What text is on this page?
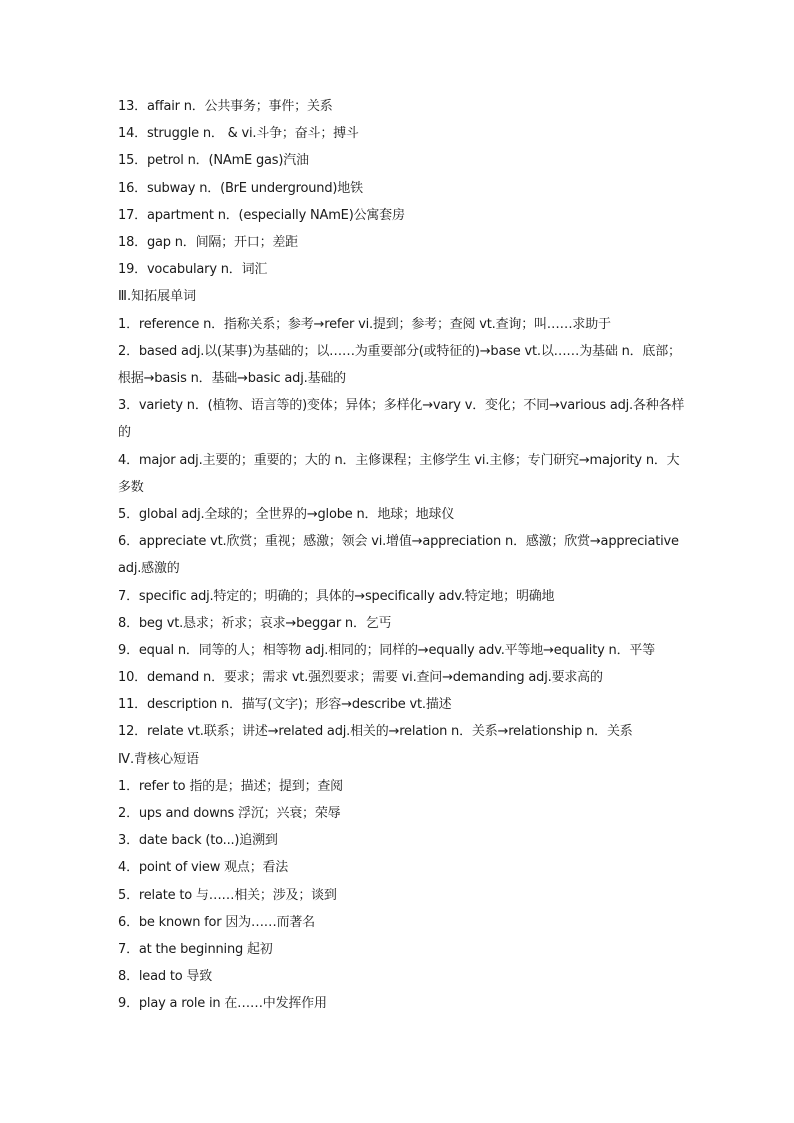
13．affair n．公共事务；事件；关系
14．struggle n． & vi.斗争；奋斗；搏斗
15．petrol n．(NAmE gas)汽油
16．subway n．(BrE underground)地铁
17．apartment n．(especially NAmE)公寓套房
18．gap n．间隔；开口；差距
19．vocabulary n．词汇
Ⅲ.知拓展单词
1．reference n．指称关系；参考→refer vi.提到；参考；查阅 vt.查询；叫……求助于
2．based adj.以(某事)为基础的；以……为重要部分(或特征的)→base vt.以……为基础 n．底部；根据→basis n．基础→basic adj.基础的
3．variety n．(植物、语言等的)变体；异体；多样化→vary v．变化；不同→various adj.各种各样的
4．major adj.主要的；重要的；大的 n．主修课程；主修学生 vi.主修；专门研究→majority n．大多数
5．global adj.全球的；全世界的→globe n．地球；地球仪
6．appreciate vt.欣赏；重视；感激；领会 vi.增值→appreciation n．感激；欣赏→appreciative adj.感激的
7．specific adj.特定的；明确的；具体的→specifically adv.特定地；明确地
8．beg vt.恳求；祈求；哀求→beggar n．乞丐
9．equal n．同等的人；相等物 adj.相同的；同样的→equally adv.平等地→equality n．平等
10．demand n．要求；需求 vt.强烈要求；需要 vi.查问→demanding adj.要求高的
11．description n．描写(文字)；形容→describe vt.描述
12．relate vt.联系；讲述→related adj.相关的→relation n．关系→relationship n．关系
Ⅳ.背核心短语
1．refer to 指的是；描述；提到；查阅
2．ups and downs 浮沉；兴衰；荣辱
3．date back (to...)追溯到
4．point of view 观点；看法
5．relate to 与……相关；涉及；谈到
6．be known for 因为……而著名
7．at the beginning 起初
8．lead to 导致
9．play a role in 在……中发挥作用
